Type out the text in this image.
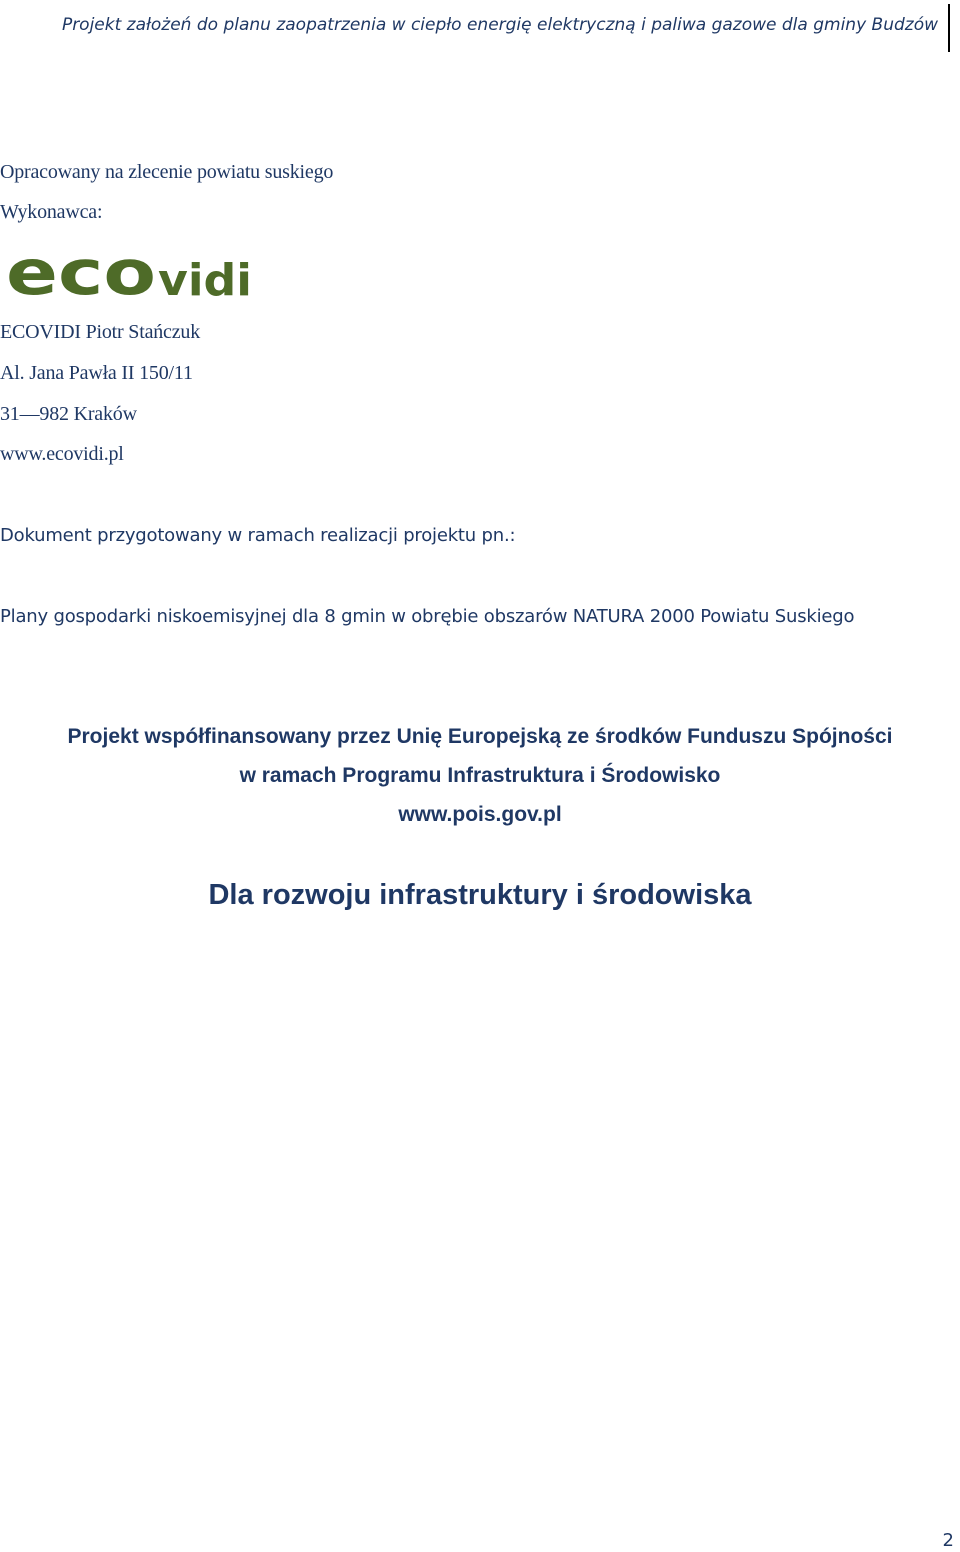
Projekt założeń do planu zaopatrzenia w ciepło energię elektryczną i paliwa gazowe dla gminy Budzów
Opracowany na zlecenie powiatu suskiego
Wykonawca:
eco vidi
ECOVIDI Piotr Stańczuk
Al. Jana Pawła II 150/11
31—982 Kraków
www.ecovidi.pl
Dokument przygotowany w ramach realizacji projektu pn.:
Plany gospodarki niskoemisyjnej dla 8 gmin w obrębie obszarów NATURA 2000 Powiatu Suskiego
Projekt współfinansowany przez Unię Europejską ze środków Funduszu Spójności
w ramach Programu Infrastruktura i Środowisko
www.pois.gov.pl
Dla rozwoju infrastruktury i środowiska
2
